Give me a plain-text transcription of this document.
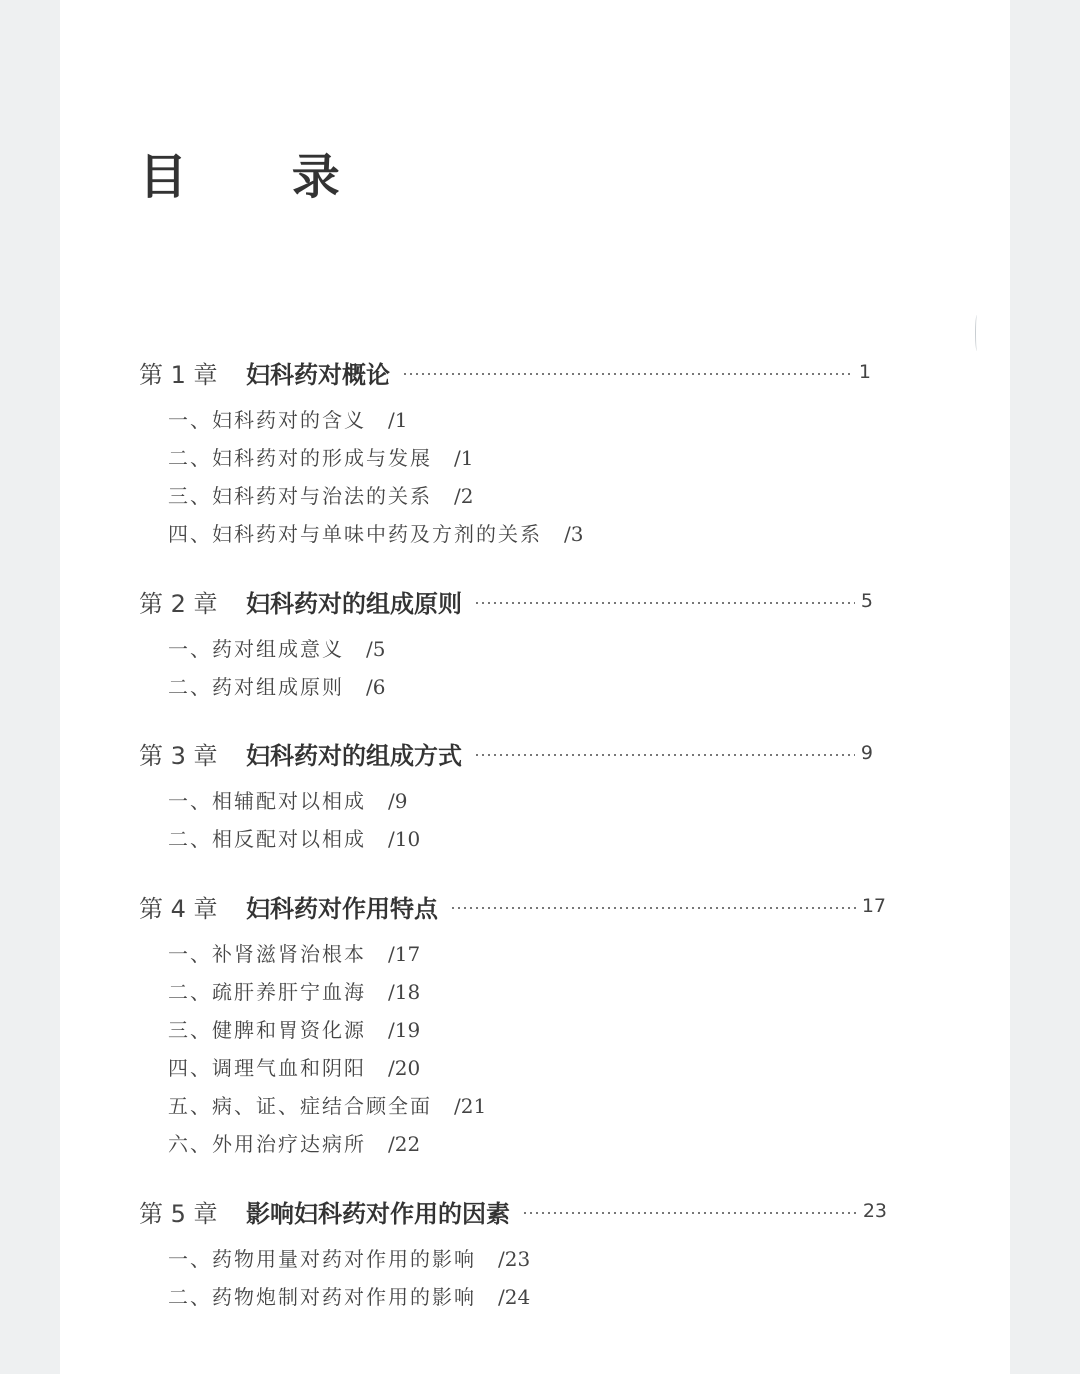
目 录
第 1 章	妇科药对概论	1
一、妇科药对的含义 /1
二、妇科药对的形成与发展 /1
三、妇科药对与治法的关系 /2
四、妇科药对与单味中药及方剂的关系 /3
第 2 章	妇科药对的组成原则	5
一、药对组成意义 /5
二、药对组成原则 /6
第 3 章	妇科药对的组成方式	9
一、相辅配对以相成 /9
二、相反配对以相成 /10
第 4 章	妇科药对作用特点	17
一、补肾滋肾治根本 /17
二、疏肝养肝宁血海 /18
三、健脾和胃资化源 /19
四、调理气血和阴阳 /20
五、病、证、症结合顾全面 /21
六、外用治疗达病所 /22
第 5 章	影响妇科药对作用的因素	23
一、药物用量对药对作用的影响 /23
二、药物炮制对药对作用的影响 /24
